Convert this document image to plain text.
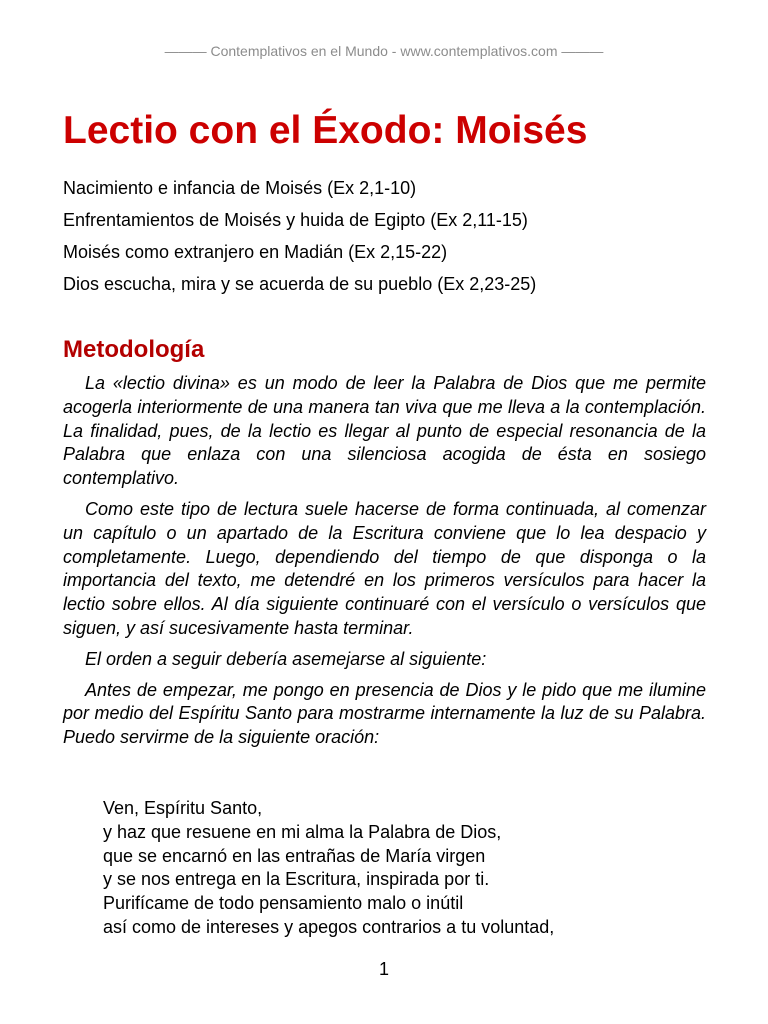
——— Contemplativos en el Mundo - www.contemplativos.com ———
Lectio con el Éxodo: Moisés
Nacimiento e infancia de Moisés (Ex 2,1-10)
Enfrentamientos de Moisés y huida de Egipto (Ex 2,11-15)
Moisés como extranjero en Madián (Ex 2,15-22)
Dios escucha, mira y se acuerda de su pueblo (Ex 2,23-25)
Metodología

La «lectio divina» es un modo de leer la Palabra de Dios que me permite acogerla interiormente de una manera tan viva que me lleva a la contemplación. La finalidad, pues, de la lectio es llegar al punto de especial resonancia de la Palabra que enlaza con una silenciosa acogida de ésta en sosiego contemplativo.

Como este tipo de lectura suele hacerse de forma continuada, al comenzar un capítulo o un apartado de la Escritura conviene que lo lea despacio y completamente. Luego, dependiendo del tiempo de que disponga o la importancia del texto, me detendré en los primeros versículos para hacer la lectio sobre ellos. Al día siguiente continuaré con el versículo o versículos que siguen, y así sucesivamente hasta terminar.

El orden a seguir debería asemejarse al siguiente:

Antes de empezar, me pongo en presencia de Dios y le pido que me ilumine por medio del Espíritu Santo para mostrarme internamente la luz de su Palabra. Puedo servirme de la siguiente oración:

Ven, Espíritu Santo,
y haz que resuene en mi alma la Palabra de Dios,
que se encarnó en las entrañas de María virgen
y se nos entrega en la Escritura, inspirada por ti.
Purifícame de todo pensamiento malo o inútil
así como de intereses y apegos contrarios a tu voluntad,
1
